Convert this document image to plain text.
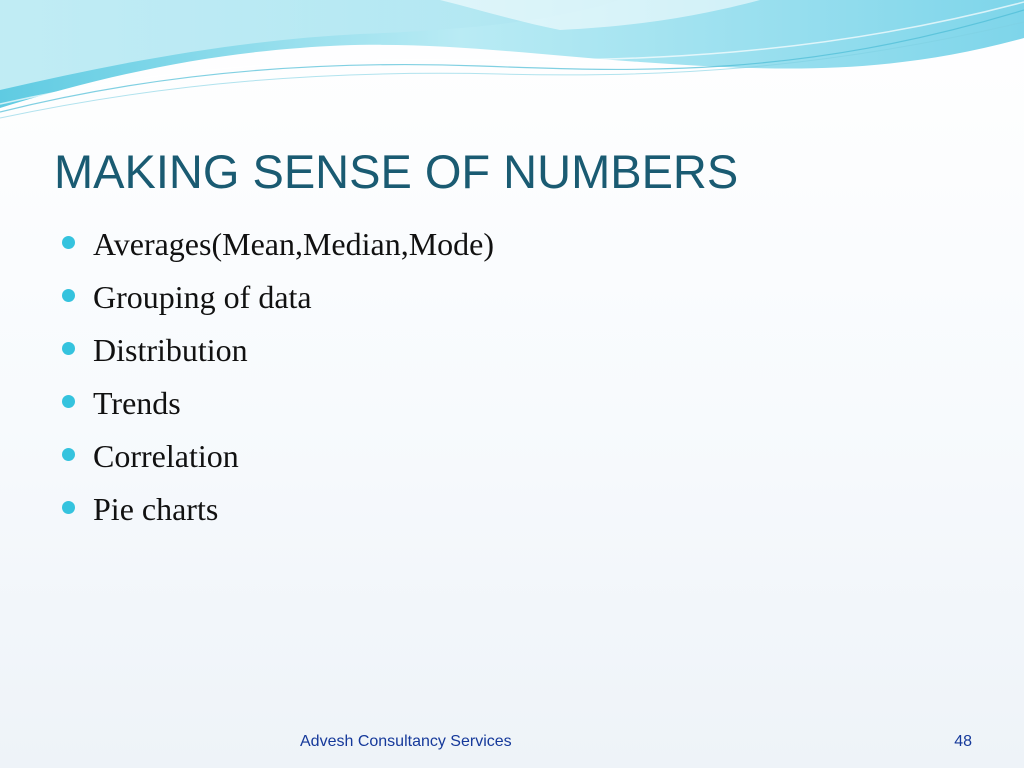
MAKING SENSE OF NUMBERS
Averages(Mean,Median,Mode)
Grouping of data
Distribution
Trends
Correlation
Pie charts
Advesh Consultancy Services	48
